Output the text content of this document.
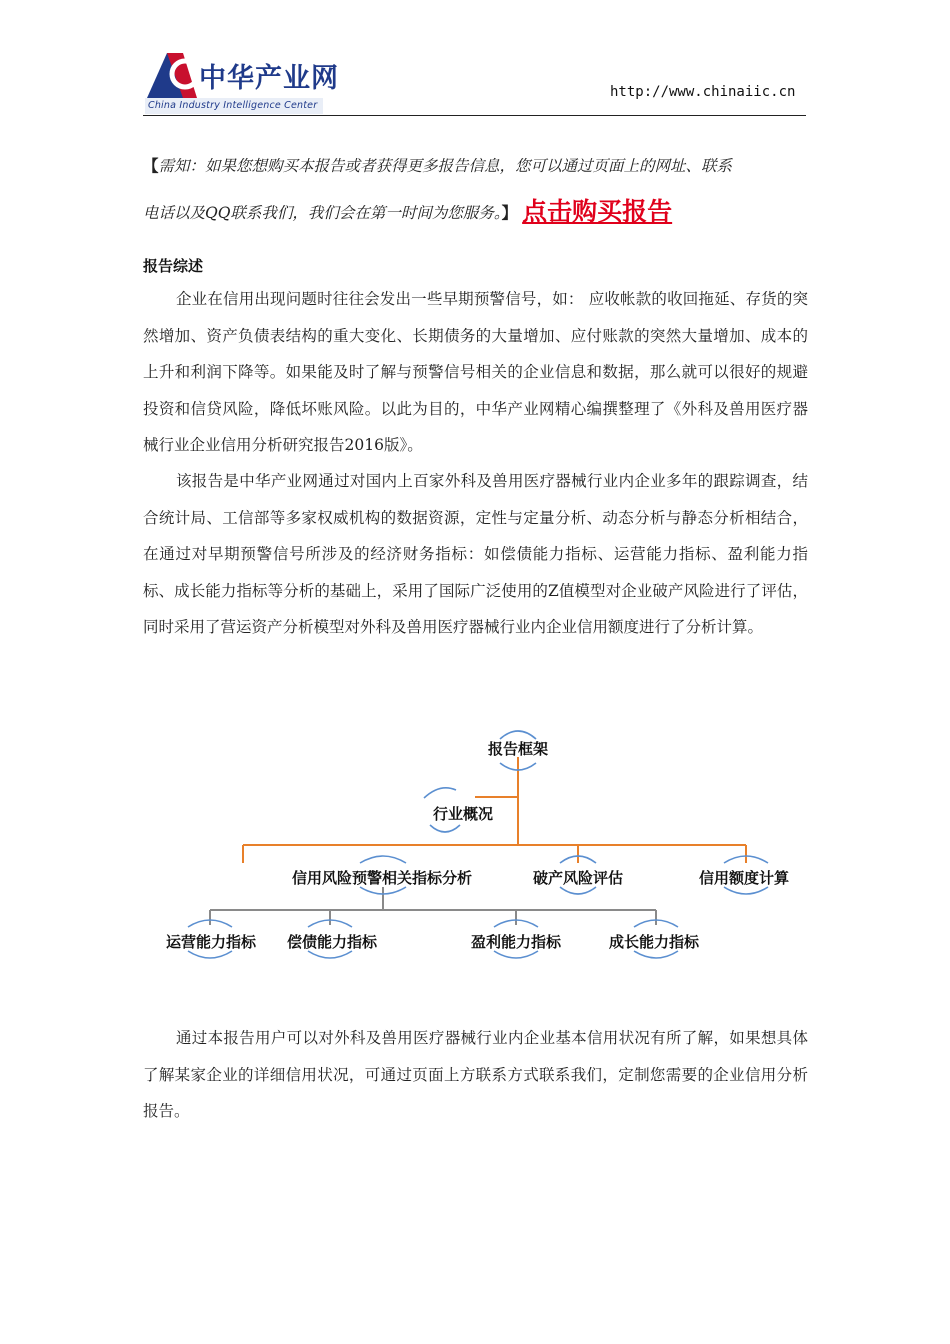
中华产业网
China Industry Intelligence Center
http://www.chinaiic.cn
【需知：如果您想购买本报告或者获得更多报告信息，您可以通过页面上的网址、联系
电话以及QQ联系我们，我们会在第一时间为您服务。】 点击购买报告
报告综述

企业在信用出现问题时往往会发出一些早期预警信号，如： 应收帐款的收回拖延、存货的突然增加、资产负债表结构的重大变化、长期债务的大量增加、应付账款的突然大量增加、成本的上升和利润下降等。如果能及时了解与预警信号相关的企业信息和数据，那么就可以很好的规避投资和信贷风险，降低坏账风险。以此为目的，中华产业网精心编撰整理了《外科及兽用医疗器械行业企业信用分析研究报告2016版》。

该报告是中华产业网通过对国内上百家外科及兽用医疗器械行业内企业多年的跟踪调查，结合统计局、工信部等多家权威机构的数据资源，定性与定量分析、动态分析与静态分析相结合，在通过对早期预警信号所涉及的经济财务指标：如偿债能力指标、运营能力指标、盈利能力指标、成长能力指标等分析的基础上，采用了国际广泛使用的Z值模型对企业破产风险进行了评估，同时采用了营运资产分析模型对外科及兽用医疗器械行业内企业信用额度进行了分析计算。

报告框架
行业概况
信用风险预警相关指标分析	破产风险评估	信用额度计算
运营能力指标 偿债能力指标	盈利能力指标	成长能力指标

通过本报告用户可以对外科及兽用医疗器械行业内企业基本信用状况有所了解，如果想具体了解某家企业的详细信用状况，可通过页面上方联系方式联系我们，定制您需要的企业信用分析报告。
